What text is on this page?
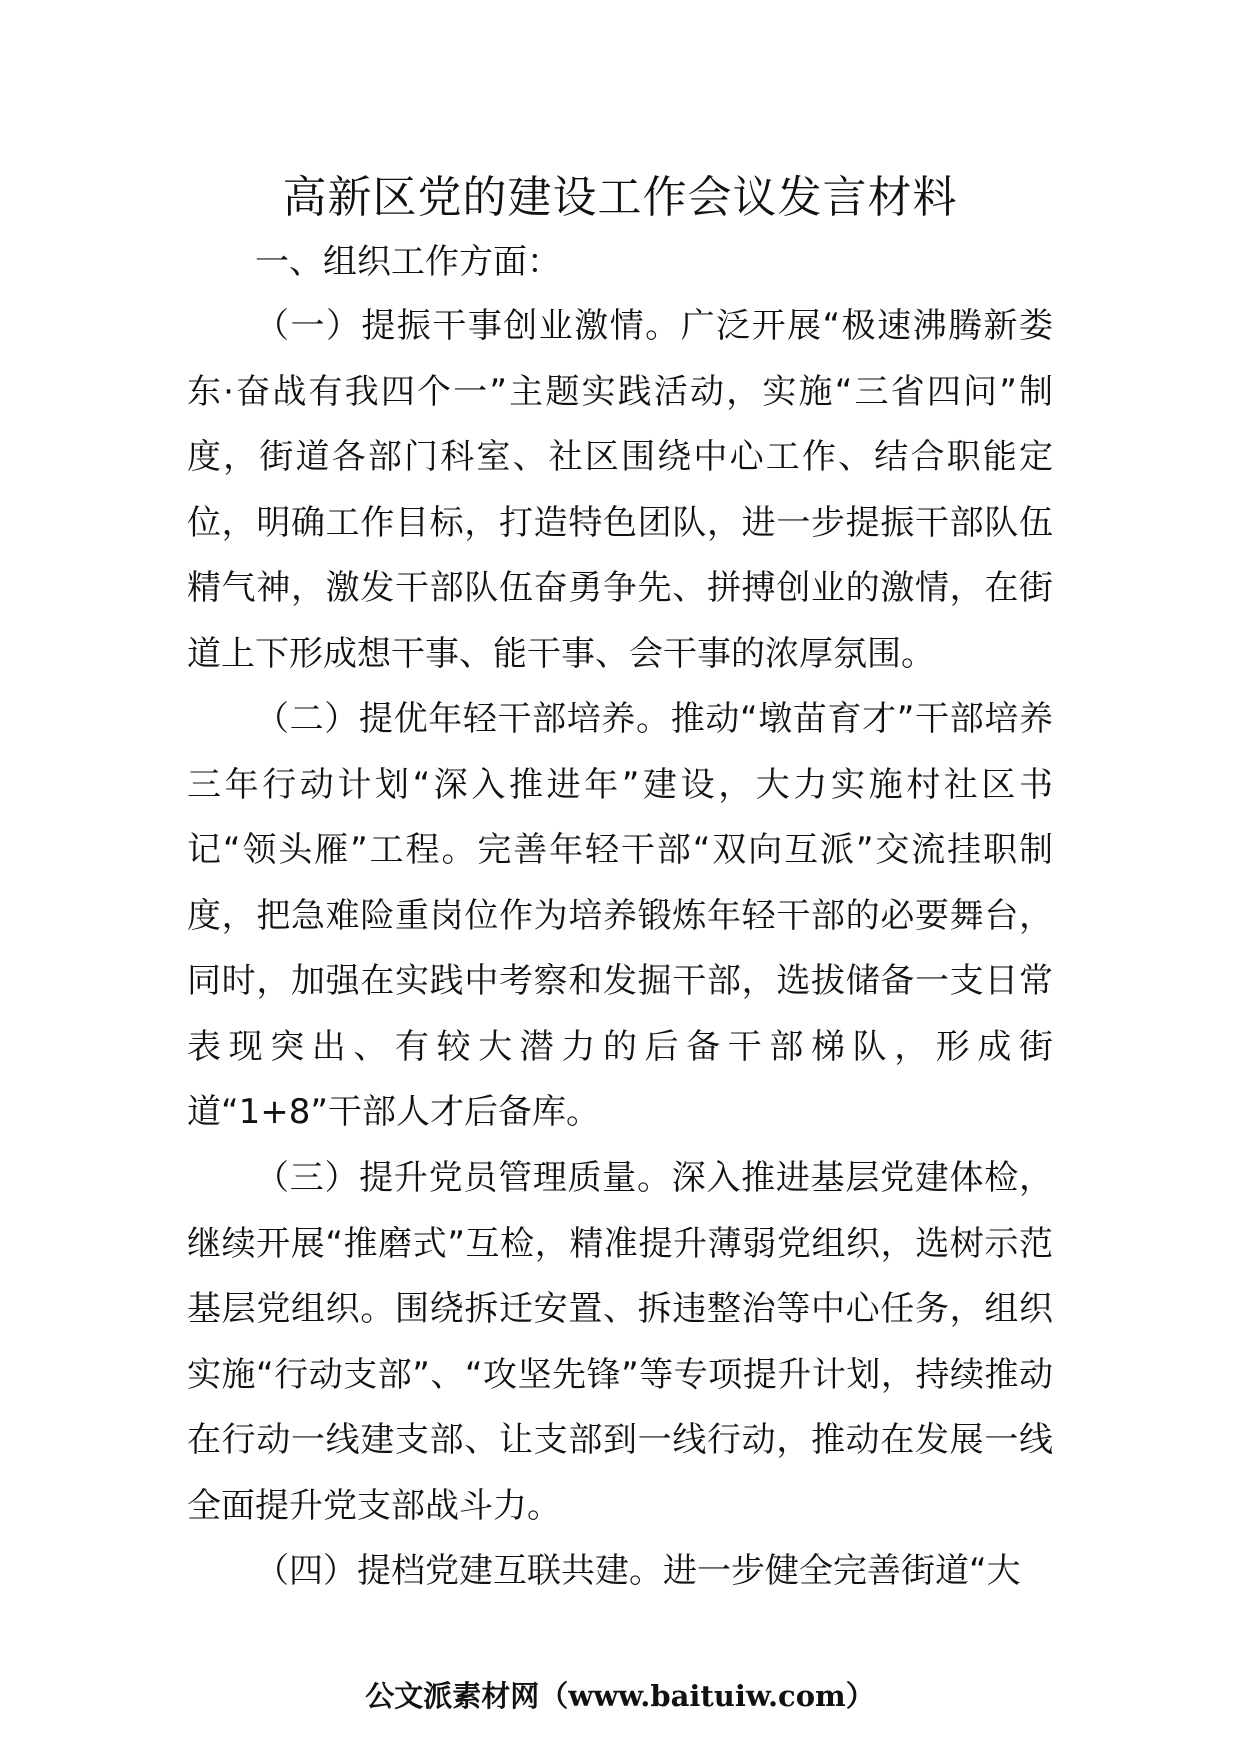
高新区党的建设工作会议发言材料

一、组织工作方面：

（一）提振干事创业激情。广泛开展“极速沸腾新娄东·奋战有我四个一”主题实践活动，实施“三省四问”制度，街道各部门科室、社区围绕中心工作、结合职能定位，明确工作目标，打造特色团队，进一步提振干部队伍精气神，激发干部队伍奋勇争先、拼搏创业的激情，在街道上下形成想干事、能干事、会干事的浓厚氛围。

（二）提优年轻干部培养。推动“墩苗育才”干部培养三年行动计划“深入推进年”建设，大力实施村社区书记“领头雁”工程。完善年轻干部“双向互派”交流挂职制度，把急难险重岗位作为培养锻炼年轻干部的必要舞台，同时，加强在实践中考察和发掘干部，选拔储备一支日常表现突出、有较大潜力的后备干部梯队，形成街道“1+8”干部人才后备库。

（三）提升党员管理质量。深入推进基层党建体检，继续开展“推磨式”互检，精准提升薄弱党组织，选树示范基层党组织。围绕拆迁安置、拆违整治等中心任务，组织实施“行动支部”、“攻坚先锋”等专项提升计划，持续推动在行动一线建支部、让支部到一线行动，推动在发展一线全面提升党支部战斗力。

（四）提档党建互联共建。进一步健全完善街道“大

公文派素材网（www.baituiw.com）
